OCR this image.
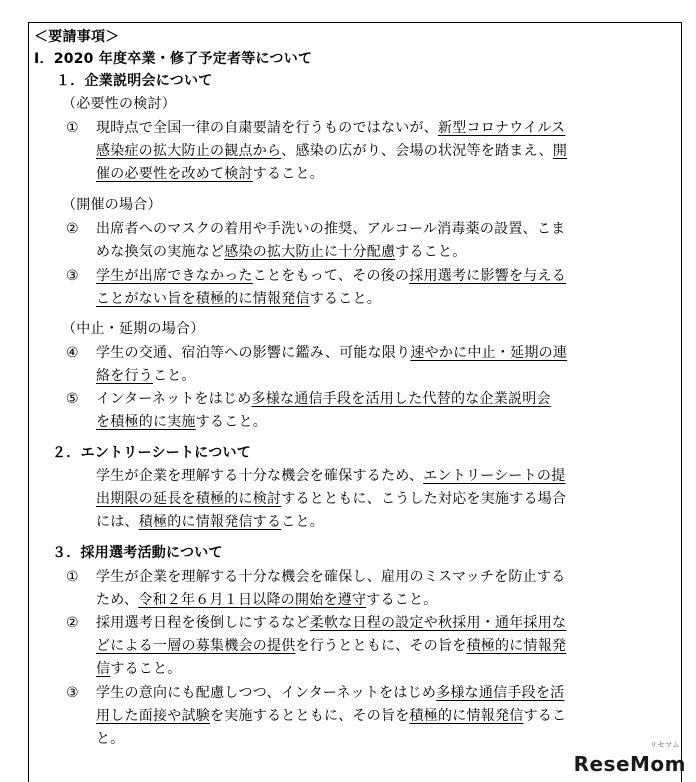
＜要請事項＞
Ⅰ．2020 年度卒業・修了予定者等について
１．企業説明会について
（必要性の検討）
① 現時点で全国一律の自粛要請を行うものではないが、新型コロナウイルス
感染症の拡大防止の観点から、感染の広がり、会場の状況等を踏まえ、開
催の必要性を改めて検討すること。
（開催の場合）
② 出席者へのマスクの着用や手洗いの推奨、アルコール消毒薬の設置、こま
めな換気の実施など感染の拡大防止に十分配慮すること。
③ 学生が出席できなかったことをもって、その後の採用選考に影響を与える
ことがない旨を積極的に情報発信すること。
（中止・延期の場合）
④ 学生の交通、宿泊等への影響に鑑み、可能な限り速やかに中止・延期の連
絡を行うこと。
⑤ インターネットをはじめ多様な通信手段を活用した代替的な企業説明会
を積極的に実施すること。
２．エントリーシートについて
学生が企業を理解する十分な機会を確保するため、エントリーシートの提
出期限の延長を積極的に検討するとともに、こうした対応を実施する場合
には、積極的に情報発信すること。
３．採用選考活動について
① 学生が企業を理解する十分な機会を確保し、雇用のミスマッチを防止する
ため、令和２年６月１日以降の開始を遵守すること。
② 採用選考日程を後倒しにするなど柔軟な日程の設定や秋採用・通年採用な
どによる一層の募集機会の提供を行うとともに、その旨を積極的に情報発
信すること。
③ 学生の意向にも配慮しつつ、インターネットをはじめ多様な通信手段を活
用した面接や試験を実施するとともに、その旨を積極的に情報発信するこ
と。	リセマム
ReseMom
